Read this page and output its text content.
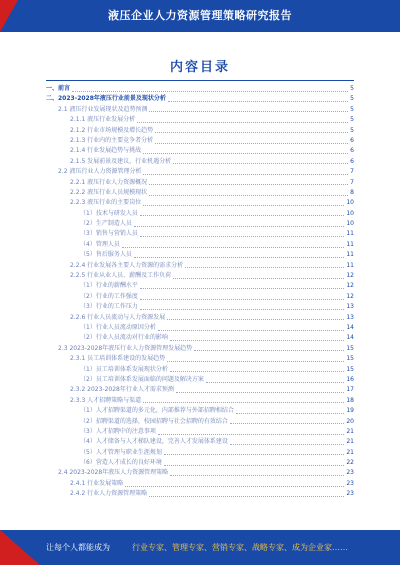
液压企业人力资源管理策略研究报告
内容目录
一、前言	5
二、2023-2028年液压行业前景及现状分析	5
2.1 液压行业发展现状及趋势预测	5
2.1.1 液压行业发展分析	5
2.1.2 行业市场规模及增长趋势	5
2.1.3 行业内的主要竞争者分析	6
2.1.4 行业发展趋势与挑战	6
2.1.5 发展前景及建议，行业机遇分析	6
2.2 液压行业人力资源管理分析	7
2.2.1 液压行业人力资源概况	7
2.2.2 液压行业人员规模现状	8
2.2.3 液压行业的主要岗位	10
（1）技术与研发人员	10
（2）生产制造人员	10
（3）销售与营销人员	11
（4）管理人员	11
（5）售后服务人员	11
2.2.4 行业发展各主要人力资源的需求分析	11
2.2.5 行业从业人员、薪酬及工作负荷	12
（1）行业的薪酬水平	12
（2）行业的工作强度	12
（3）行业的工作压力	13
2.2.6 行业人员流动与人力资源发展	13
（1）行业人员流动原因分析	14
（2）行业人员流动对行业的影响	14
2.3 2023-2028年液压行业人力资源管理发展趋势	15
2.3.1 员工培训体系建设的发展趋势	15
（1）员工培训体系发展现状分析	15
（2）员工培训体系发展面临的问题及解决方案	16
2.3.2 2023-2028年行业人才需求预测	17
2.3.3 人才招聘策略与渠道	18
（1）人才招聘渠道的多元化，内部推荐与外部招聘相结合	19
（2）招聘渠道的选择，校园招聘与社会招聘的有效结合	20
（3）人才招聘中的注意事项	21
（4）人才储备与人才梯队建设，完善人才发展体系建设	21
（5）人才管理与职业生涯规划	21
（6）营造人才成长的良好环境	22
2.4 2023-2028年液压人力资源管理策略	23
2.4.1 行业发展策略	23
2.4.2 行业人力资源管理策略	23
让每个人都能成为	行业专家、管理专家、营销专家、战略专家、成为企业家……
